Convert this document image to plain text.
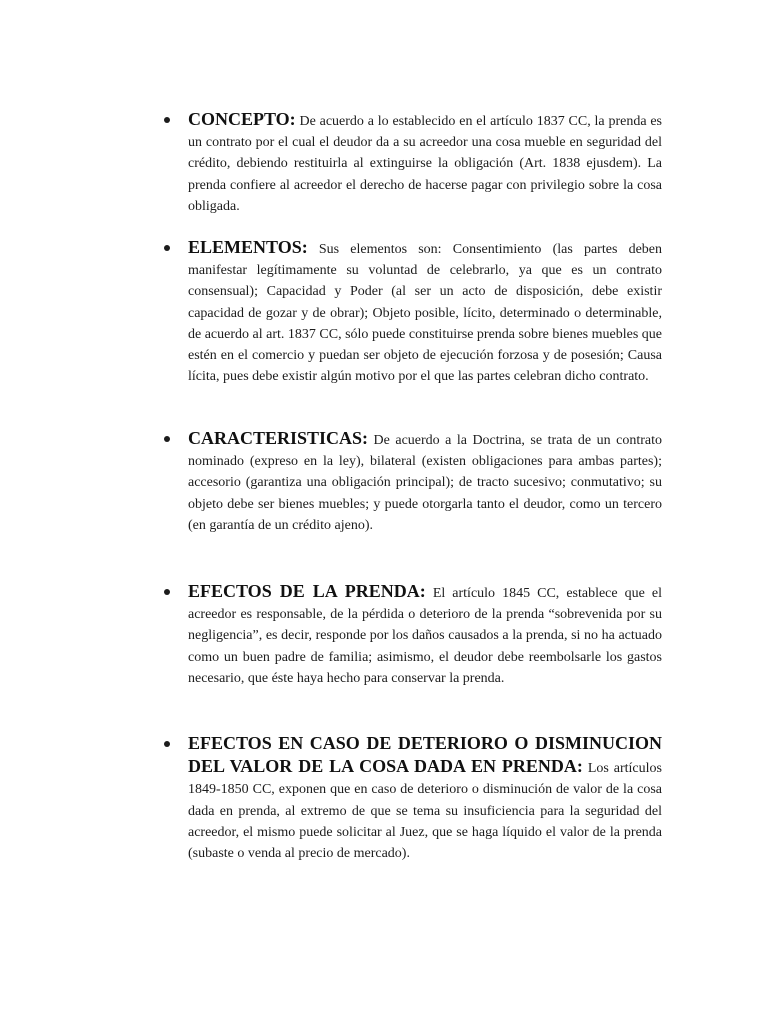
CONCEPTO: De acuerdo a lo establecido en el artículo 1837 CC, la prenda es un contrato por el cual el deudor da a su acreedor una cosa mueble en seguridad del crédito, debiendo restituirla al extinguirse la obligación (Art. 1838 ejusdem). La prenda confiere al acreedor el derecho de hacerse pagar con privilegio sobre la cosa obligada.

ELEMENTOS: Sus elementos son: Consentimiento (las partes deben manifestar legítimamente su voluntad de celebrarlo, ya que es un contrato consensual); Capacidad y Poder (al ser un acto de disposición, debe existir capacidad de gozar y de obrar); Objeto posible, lícito, determinado o determinable, de acuerdo al art. 1837 CC, sólo puede constituirse prenda sobre bienes muebles que estén en el comercio y puedan ser objeto de ejecución forzosa y de posesión; Causa lícita, pues debe existir algún motivo por el que las partes celebran dicho contrato.

CARACTERISTICAS: De acuerdo a la Doctrina, se trata de un contrato nominado (expreso en la ley), bilateral (existen obligaciones para ambas partes); accesorio (garantiza una obligación principal); de tracto sucesivo; conmutativo; su objeto debe ser bienes muebles; y puede otorgarla tanto el deudor, como un tercero (en garantía de un crédito ajeno).

EFECTOS DE LA PRENDA: El artículo 1845 CC, establece que el acreedor es responsable, de la pérdida o deterioro de la prenda “sobrevenida por su negligencia”, es decir, responde por los daños causados a la prenda, si no ha actuado como un buen padre de familia; asimismo, el deudor debe reembolsarle los gastos necesario, que éste haya hecho para conservar la prenda.

EFECTOS EN CASO DE DETERIORO O DISMINUCION DEL VALOR DE LA COSA DADA EN PRENDA: Los artículos 1849-1850 CC, exponen que en caso de deterioro o disminución de valor de la cosa dada en prenda, al extremo de que se tema su insuficiencia para la seguridad del acreedor, el mismo puede solicitar al Juez, que se haga líquido el valor de la prenda (subaste o venda al precio de mercado).
